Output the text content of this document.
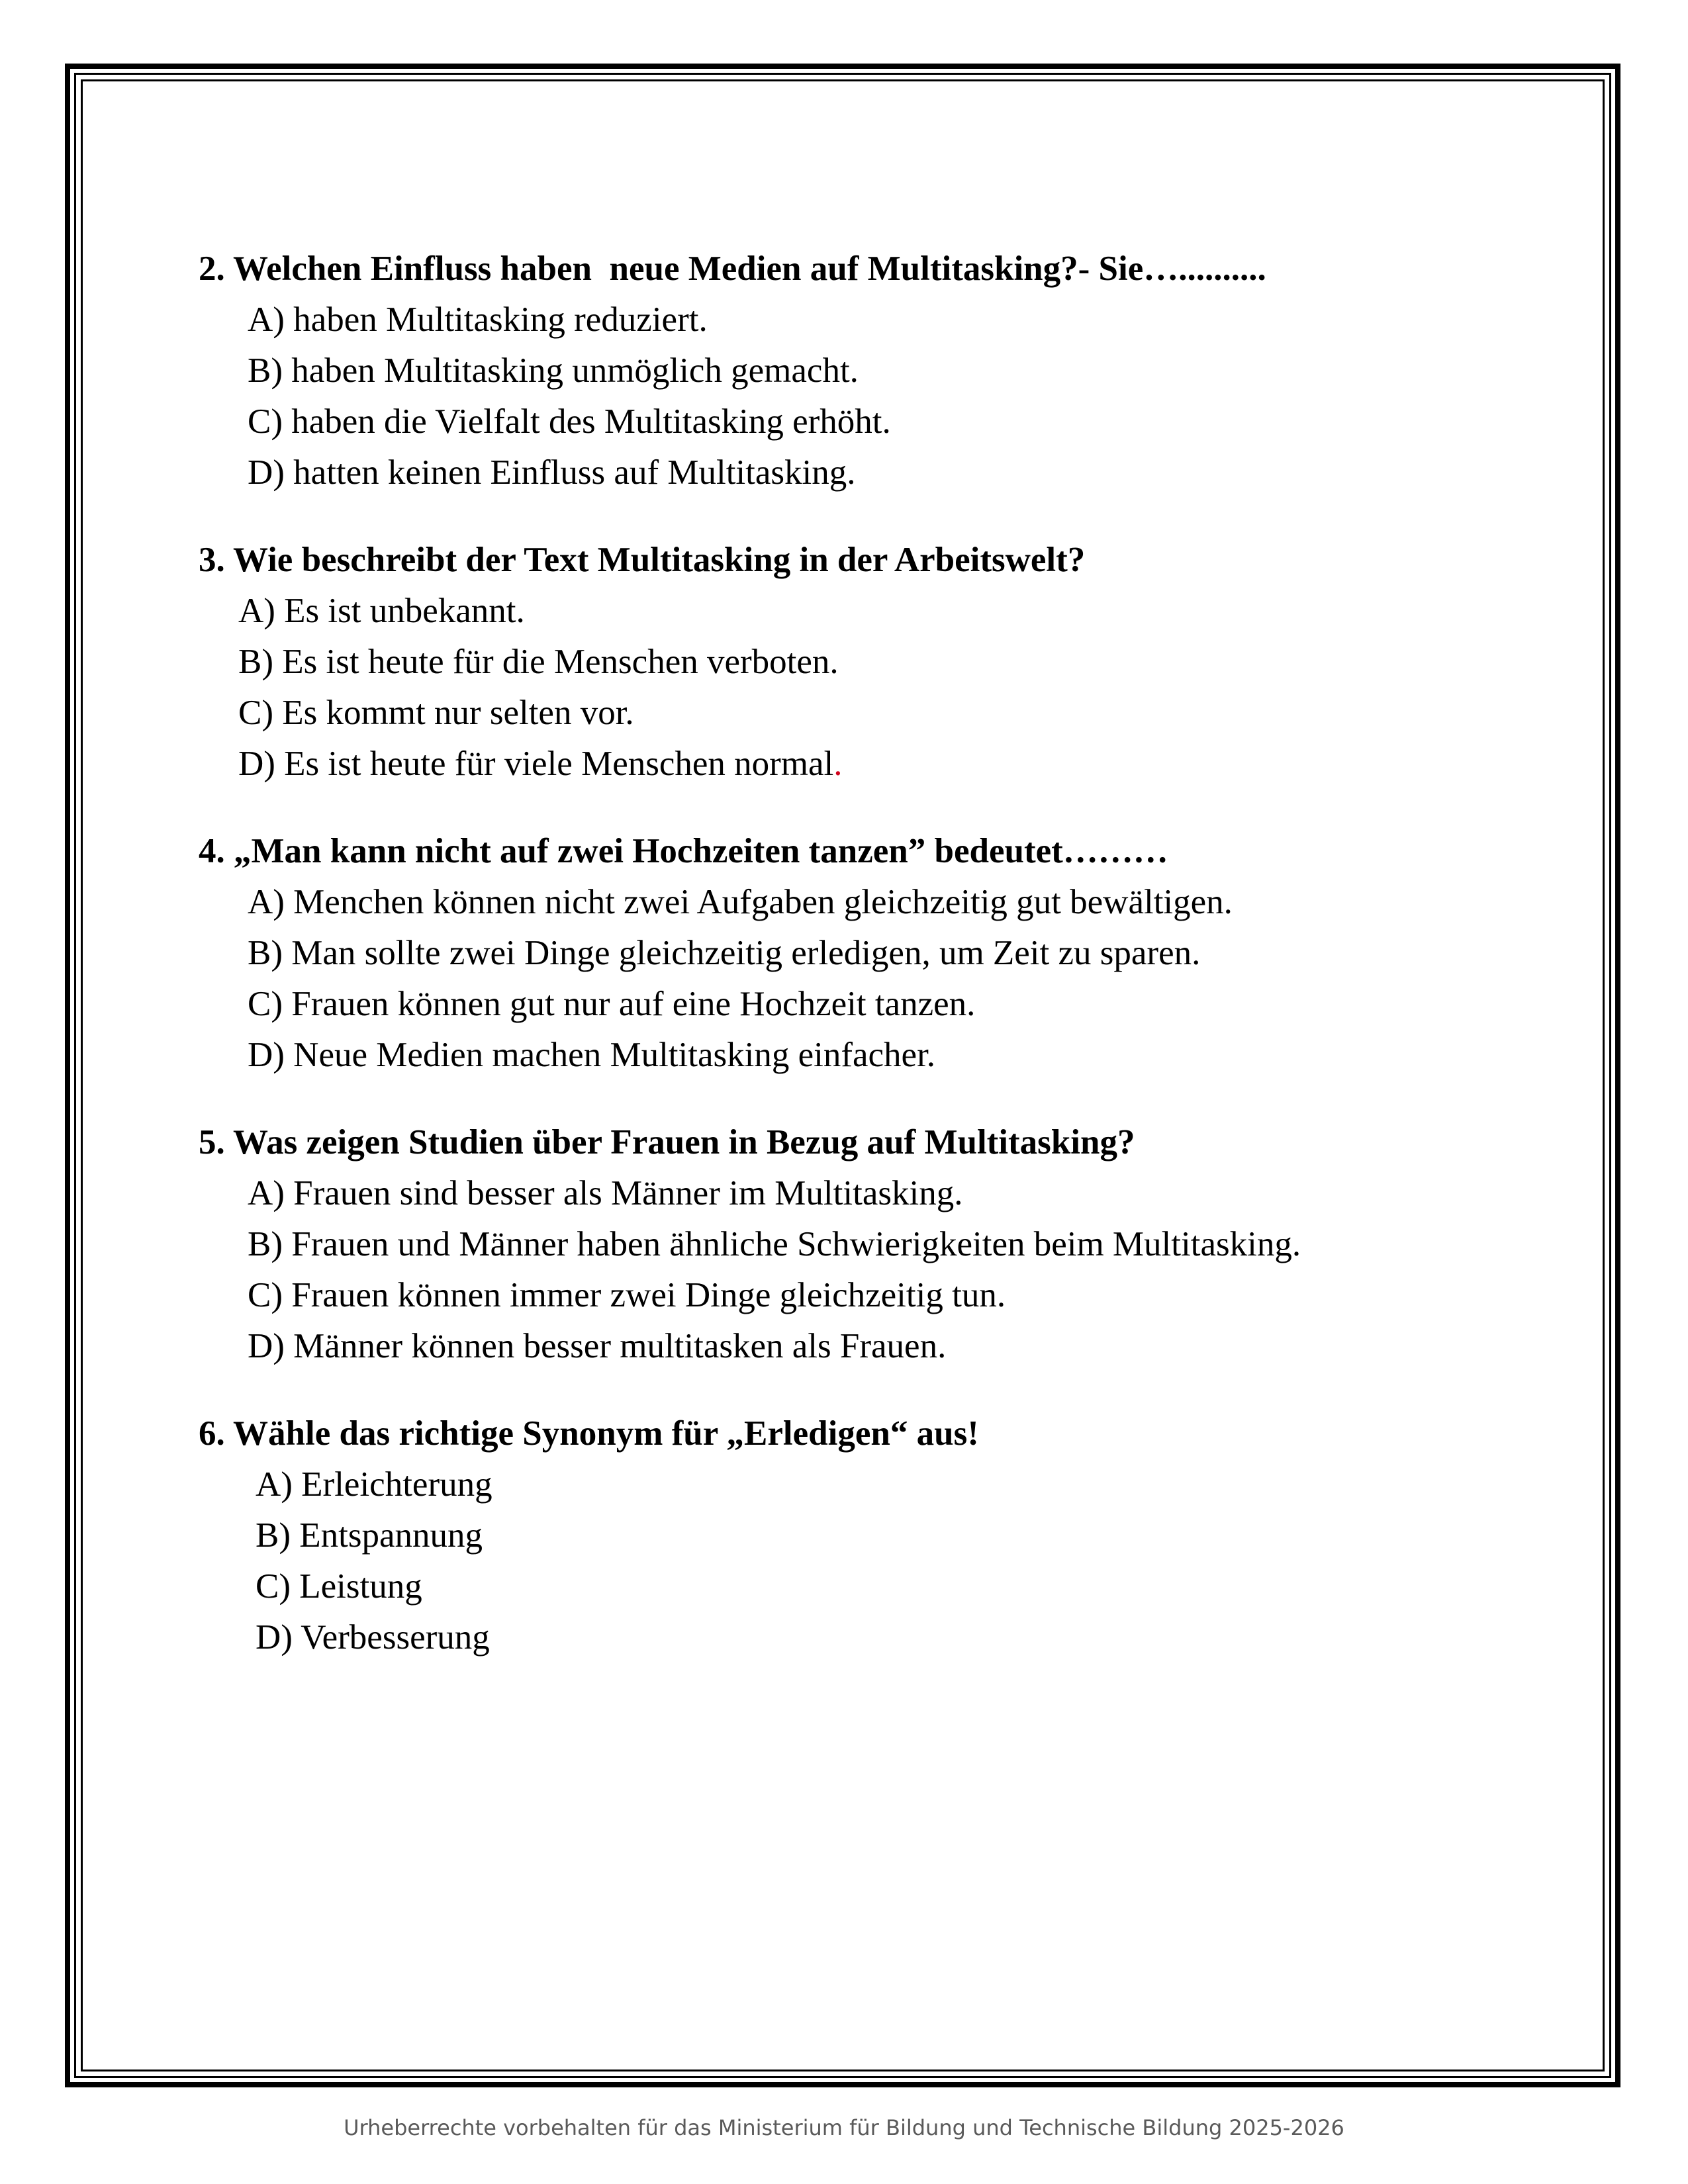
2. Welchen Einfluss haben  neue Medien auf Multitasking?- Sie…..........

A) haben Multitasking reduziert.

B) haben Multitasking unmöglich gemacht.

C) haben die Vielfalt des Multitasking erhöht.

D) hatten keinen Einfluss auf Multitasking.

3. Wie beschreibt der Text Multitasking in der Arbeitswelt?

A) Es ist unbekannt.

B) Es ist heute für die Menschen verboten.

C) Es kommt nur selten vor.

D) Es ist heute für viele Menschen normal.

4. „Man kann nicht auf zwei Hochzeiten tanzen” bedeutet………

A) Menchen können nicht zwei Aufgaben gleichzeitig gut bewältigen.

B) Man sollte zwei Dinge gleichzeitig erledigen, um Zeit zu sparen.

C) Frauen können gut nur auf eine Hochzeit tanzen.

D) Neue Medien machen Multitasking einfacher.

5. Was zeigen Studien über Frauen in Bezug auf Multitasking?

A) Frauen sind besser als Männer im Multitasking.

B) Frauen und Männer haben ähnliche Schwierigkeiten beim Multitasking.

C) Frauen können immer zwei Dinge gleichzeitig tun.

D) Männer können besser multitasken als Frauen.

6. Wähle das richtige Synonym für „Erledigen“ aus!

A) Erleichterung

B) Entspannung

C) Leistung

D) Verbesserung

Urheberrechte vorbehalten für das Ministerium für Bildung und Technische Bildung 2025-2026
